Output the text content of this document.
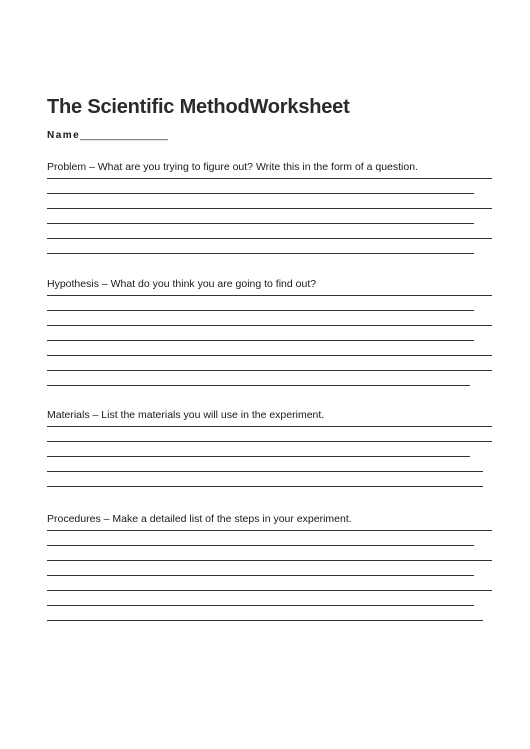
The Scientific MethodWorksheet
Name_______________

Problem – What are you trying to figure out? Write this in the form of a question.

Hypothesis – What do you think you are going to find out?

Materials – List the materials you will use in the experiment.

Procedures – Make a detailed list of the steps in your experiment.
